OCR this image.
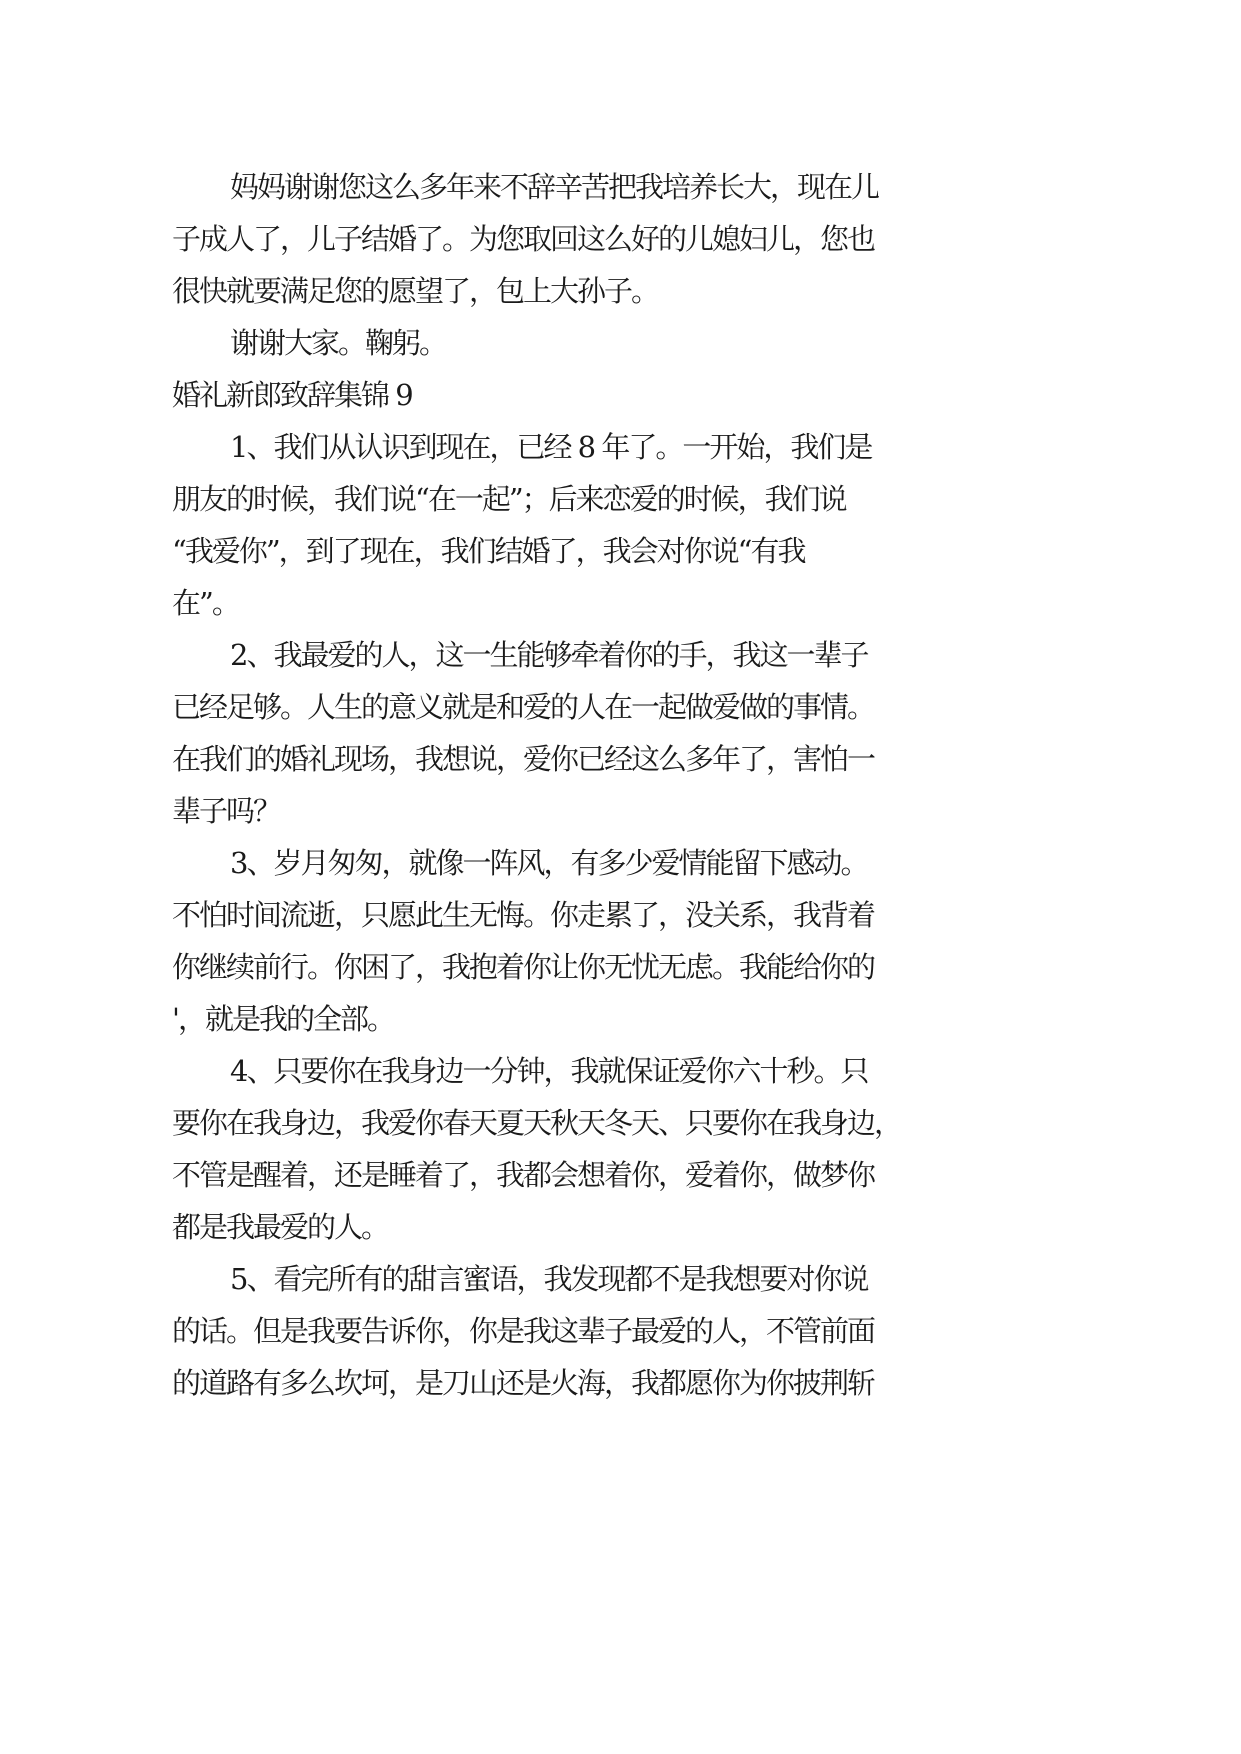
妈妈谢谢您这么多年来不辞辛苦把我培养长大，现在儿
子成人了，儿子结婚了。为您取回这么好的儿媳妇儿，您也
很快就要满足您的愿望了，包上大孙子。
谢谢大家。鞠躬。
婚礼新郎致辞集锦 9
1、我们从认识到现在，已经 8 年了。一开始，我们是
朋友的时候，我们说“在一起”；后来恋爱的时候，我们说
“我爱你”，到了现在，我们结婚了，我会对你说“有我
在”。
2、我最爱的人，这一生能够牵着你的手，我这一辈子
已经足够。人生的意义就是和爱的人在一起做爱做的事情。
在我们的婚礼现场，我想说，爱你已经这么多年了，害怕一
辈子吗？
3、岁月匆匆，就像一阵风，有多少爱情能留下感动。
不怕时间流逝，只愿此生无悔。你走累了，没关系，我背着
你继续前行。你困了，我抱着你让你无忧无虑。我能给你的
'，就是我的全部。
4、只要你在我身边一分钟，我就保证爱你六十秒。只
要你在我身边，我爱你春天夏天秋天冬天、只要你在我身边，
不管是醒着，还是睡着了，我都会想着你，爱着你，做梦你
都是我最爱的人。
5、看完所有的甜言蜜语，我发现都不是我想要对你说
的话。但是我要告诉你，你是我这辈子最爱的人，不管前面
的道路有多么坎坷，是刀山还是火海，我都愿你为你披荆斩
